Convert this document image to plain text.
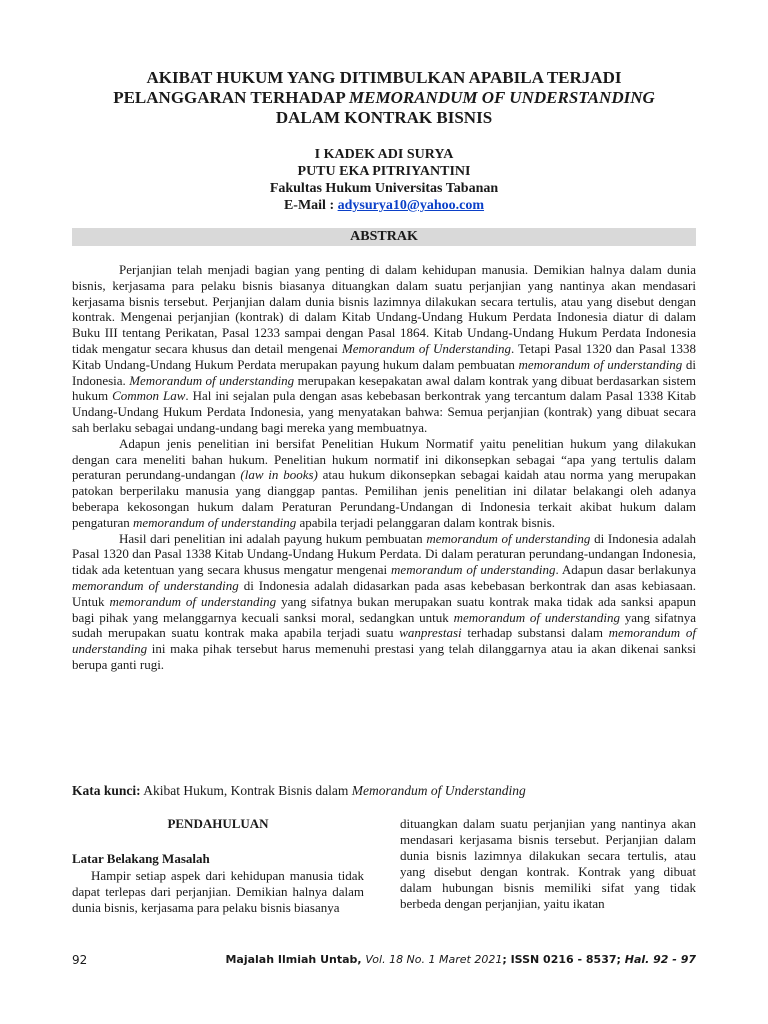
AKIBAT HUKUM YANG DITIMBULKAN APABILA TERJADI
PELANGGARAN TERHADAP MEMORANDUM OF UNDERSTANDING
DALAM KONTRAK BISNIS
I KADEK ADI SURYA
PUTU EKA PITRIYANTINI
Fakultas Hukum Universitas Tabanan
E-Mail : adysurya10@yahoo.com
ABSTRAK

Perjanjian telah menjadi bagian yang penting di dalam kehidupan manusia. Demikian halnya dalam dunia bisnis, kerjasama para pelaku bisnis biasanya dituangkan dalam suatu perjanjian yang nantinya akan mendasari kerjasama bisnis tersebut. Perjanjian dalam dunia bisnis lazimnya dilakukan secara tertulis, atau yang disebut dengan kontrak. Mengenai perjanjian (kontrak) di dalam Kitab Undang-Undang Hukum Perdata Indonesia diatur di dalam Buku III tentang Perikatan, Pasal 1233 sampai dengan Pasal 1864. Kitab Undang-Undang Hukum Perdata Indonesia tidak mengatur secara khusus dan detail mengenai Memorandum of Understanding. Tetapi Pasal 1320 dan Pasal 1338 Kitab Undang-Undang Hukum Perdata merupakan payung hukum dalam pembuatan memorandum of understanding di Indonesia. Memorandum of understanding merupakan kesepakatan awal dalam kontrak yang dibuat berdasarkan sistem hukum Common Law. Hal ini sejalan pula dengan asas kebebasan berkontrak yang tercantum dalam Pasal 1338 Kitab Undang-Undang Hukum Perdata Indonesia, yang menyatakan bahwa: Semua perjanjian (kontrak) yang dibuat secara sah berlaku sebagai undang-undang bagi mereka yang membuatnya.

Adapun jenis penelitian ini bersifat Penelitian Hukum Normatif yaitu penelitian hukum yang dilakukan dengan cara meneliti bahan hukum. Penelitian hukum normatif ini dikonsepkan sebagai “apa yang tertulis dalam peraturan perundang-undangan (law in books) atau hukum dikonsepkan sebagai kaidah atau norma yang merupakan patokan berperilaku manusia yang dianggap pantas. Pemilihan jenis penelitian ini dilatar belakangi oleh adanya beberapa kekosongan hukum dalam Peraturan Perundang-Undangan di Indonesia terkait akibat hukum dalam pengaturan memorandum of understanding apabila terjadi pelanggaran dalam kontrak bisnis.

Hasil dari penelitian ini adalah payung hukum pembuatan memorandum of understanding di Indonesia adalah Pasal 1320 dan Pasal 1338 Kitab Undang-Undang Hukum Perdata. Di dalam peraturan perundang-undangan Indonesia, tidak ada ketentuan yang secara khusus mengatur mengenai memorandum of understanding. Adapun dasar berlakunya memorandum of understanding di Indonesia adalah didasarkan pada asas kebebasan berkontrak dan asas kebiasaan. Untuk memorandum of understanding yang sifatnya bukan merupakan suatu kontrak maka tidak ada sanksi apapun bagi pihak yang melanggarnya kecuali sanksi moral, sedangkan untuk memorandum of understanding yang sifatnya sudah merupakan suatu kontrak maka apabila terjadi suatu wanprestasi terhadap substansi dalam memorandum of understanding ini maka pihak tersebut harus memenuhi prestasi yang telah dilanggarnya atau ia akan dikenai sanksi berupa ganti rugi.

Kata kunci: Akibat Hukum, Kontrak Bisnis dalam Memorandum of Understanding
PENDAHULUAN
Latar Belakang Masalah

Hampir setiap aspek dari kehidupan manusia tidak dapat terlepas dari perjanjian. Demikian halnya dalam dunia bisnis, kerjasama para pelaku bisnis biasanya

dituangkan dalam suatu perjanjian yang nantinya akan mendasari kerjasama bisnis tersebut. Perjanjian dalam dunia bisnis lazimnya dilakukan secara tertulis, atau yang disebut dengan kontrak. Kontrak yang dibuat dalam hubungan bisnis memiliki sifat yang tidak berbeda dengan perjanjian, yaitu ikatan

92	Majalah Ilmiah Untab, Vol. 18 No. 1 Maret 2021; ISSN 0216 - 8537; Hal. 92 - 97
